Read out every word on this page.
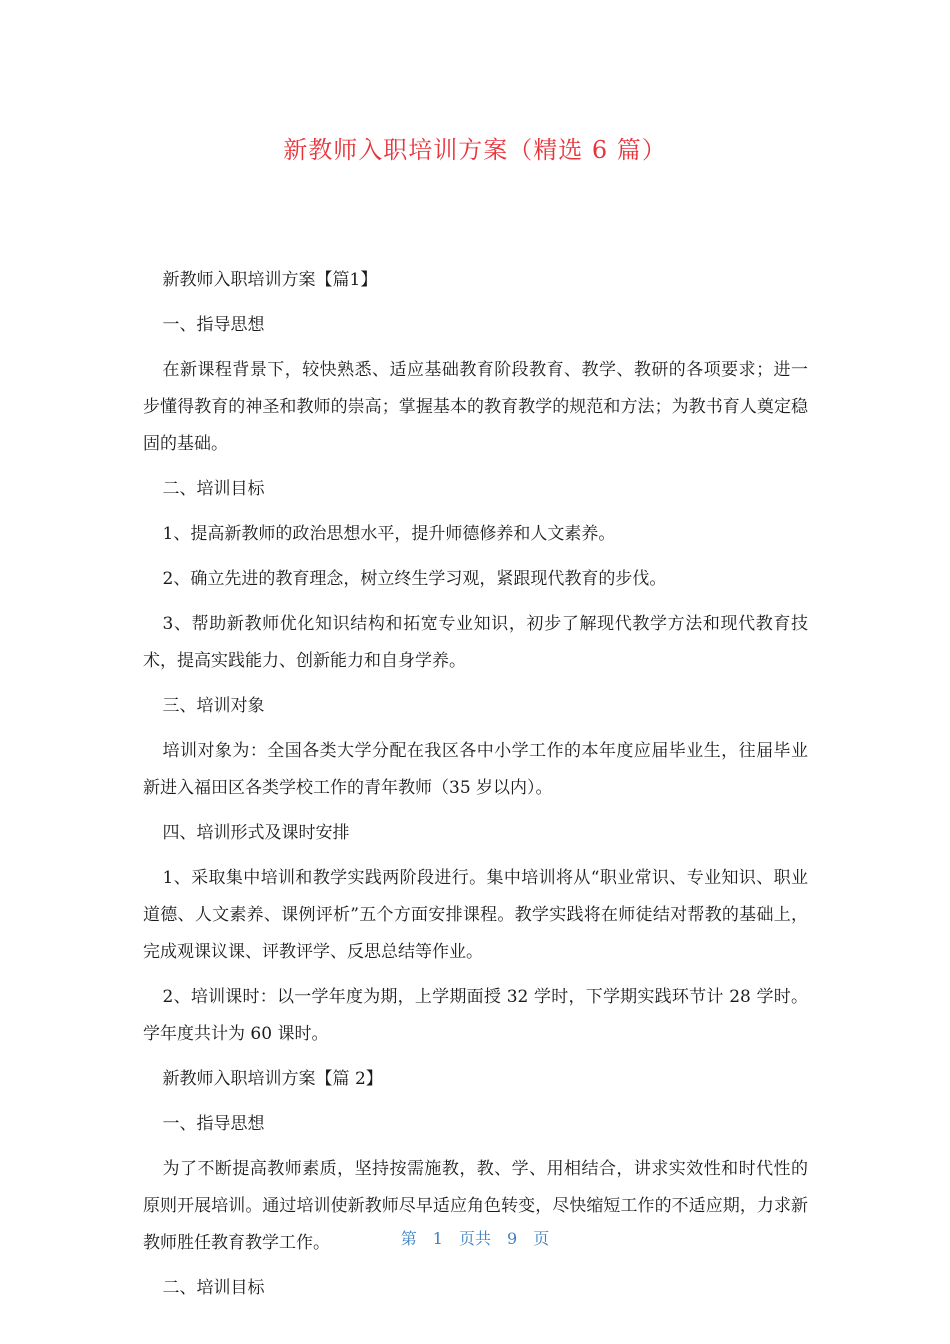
新教师入职培训方案（精选 6 篇）

新教师入职培训方案【篇1】

一、指导思想

在新课程背景下，较快熟悉、适应基础教育阶段教育、教学、教研的各项要求；进一步懂得教育的神圣和教师的崇高；掌握基本的教育教学的规范和方法；为教书育人奠定稳固的基础。

二、培训目标

1、提高新教师的政治思想水平，提升师德修养和人文素养。

2、确立先进的教育理念，树立终生学习观，紧跟现代教育的步伐。

3、帮助新教师优化知识结构和拓宽专业知识，初步了解现代教学方法和现代教育技术，提高实践能力、创新能力和自身学养。

三、培训对象

培训对象为：全国各类大学分配在我区各中小学工作的本年度应届毕业生，往届毕业新进入福田区各类学校工作的青年教师（35 岁以内）。

四、培训形式及课时安排

1、采取集中培训和教学实践两阶段进行。集中培训将从“职业常识、专业知识、职业道德、人文素养、课例评析”五个方面安排课程。教学实践将在师徒结对帮教的基础上，完成观课议课、评教评学、反思总结等作业。

2、培训课时：以一学年度为期，上学期面授 32 学时，下学期实践环节计 28 学时。学年度共计为 60 课时。

新教师入职培训方案【篇 2】

一、指导思想

为了不断提高教师素质，坚持按需施教，教、学、用相结合，讲求实效性和时代性的原则开展培训。通过培训使新教师尽早适应角色转变，尽快缩短工作的不适应期，力求新教师胜任教育教学工作。

二、培训目标

第 1 页共 9 页
